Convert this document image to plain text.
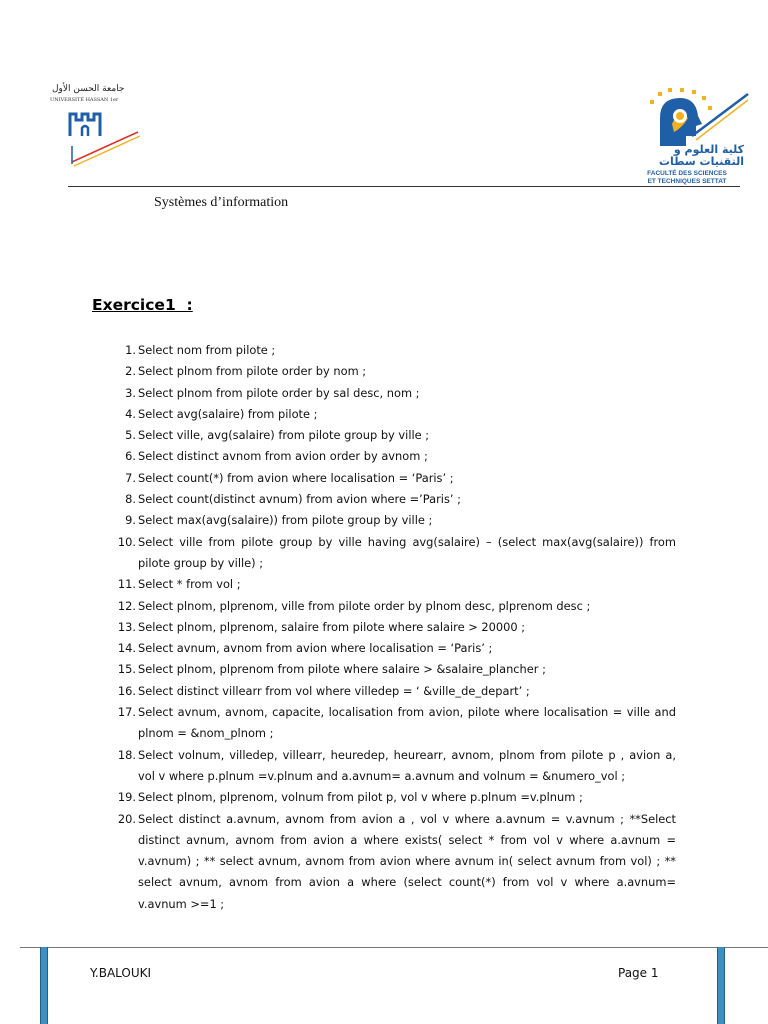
جامعة الحسن الأول
UNIVERSITÉ HASSAN 1er
كلية العلوم و التقنيات سطات
FACULTÉ DES SCIENCES
ET TECHNIQUES SETTAT
Systèmes d’information
Exercice1  :
1. Select nom from pilote ;
2. Select plnom from pilote order by nom ;
3. Select plnom from pilote order by sal desc, nom ;
4. Select avg(salaire) from pilote ;
5. Select ville, avg(salaire) from pilote group by ville ;
6. Select distinct avnom from avion order by avnom ;
7. Select count(*) from avion where localisation = ‘Paris’ ;
8. Select count(distinct avnum) from avion where =’Paris’ ;
9. Select max(avg(salaire)) from pilote group by ville ;
10. Select ville from pilote group by ville having avg(salaire) – (select max(avg(salaire)) from pilote group by ville) ;
11. Select * from vol ;
12. Select plnom, plprenom, ville from pilote order by plnom desc, plprenom desc ;
13. Select plnom, plprenom, salaire from pilote where salaire > 20000 ;
14. Select avnum, avnom from avion where localisation = ‘Paris’ ;
15. Select plnom, plprenom from pilote where salaire > &salaire_plancher ;
16. Select distinct villearr from vol where villedep = ‘ &ville_de_depart’ ;
17. Select avnum, avnom, capacite, localisation from avion, pilote where localisation = ville and plnom = &nom_plnom ;
18. Select volnum, villedep, villearr, heuredep, heurearr, avnom, plnom from pilote p , avion a, vol v where p.plnum =v.plnum and a.avnum= a.avnum and volnum = &numero_vol ;
19. Select plnom, plprenom, volnum from pilot p, vol v where p.plnum =v.plnum ;
20. Select distinct a.avnum, avnom from avion a , vol v where a.avnum = v.avnum ; **Select distinct avnum, avnom from avion a where exists( select * from vol v where a.avnum = v.avnum) ; ** select avnum, avnom from avion where avnum in( select avnum from vol) ; ** select avnum, avnom from avion a where (select count(*) from vol v where a.avnum= v.avnum >=1 ;
Y.BALOUKI	Page 1
